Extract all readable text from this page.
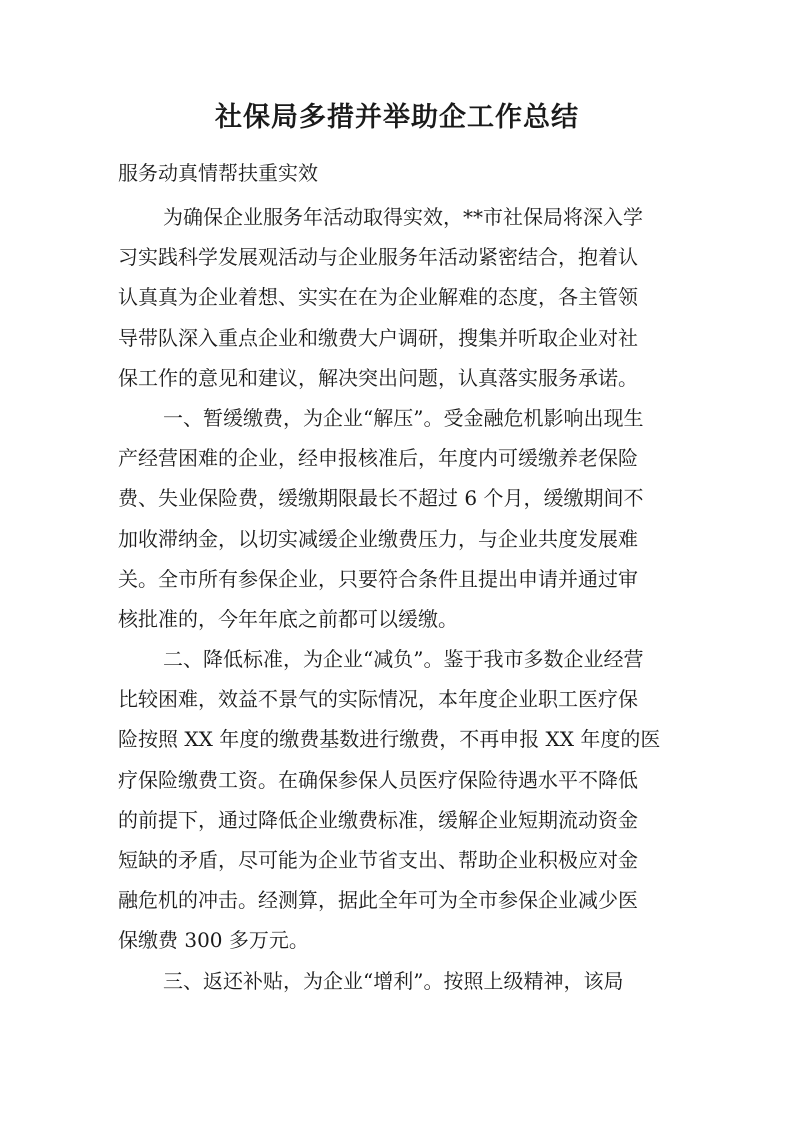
社保局多措并举助企工作总结
服务动真情帮扶重实效
为确保企业服务年活动取得实效，**市社保局将深入学
习实践科学发展观活动与企业服务年活动紧密结合，抱着认
认真真为企业着想、实实在在为企业解难的态度，各主管领
导带队深入重点企业和缴费大户调研，搜集并听取企业对社
保工作的意见和建议，解决突出问题，认真落实服务承诺。
一、暂缓缴费，为企业“解压”。受金融危机影响出现生
产经营困难的企业，经申报核准后，年度内可缓缴养老保险
费、失业保险费，缓缴期限最长不超过 6 个月，缓缴期间不
加收滞纳金，以切实减缓企业缴费压力，与企业共度发展难
关。全市所有参保企业，只要符合条件且提出申请并通过审
核批准的，今年年底之前都可以缓缴。
二、降低标准，为企业“减负”。鉴于我市多数企业经营
比较困难，效益不景气的实际情况，本年度企业职工医疗保
险按照 XX 年度的缴费基数进行缴费，不再申报 XX 年度的医
疗保险缴费工资。在确保参保人员医疗保险待遇水平不降低
的前提下，通过降低企业缴费标准，缓解企业短期流动资金
短缺的矛盾，尽可能为企业节省支出、帮助企业积极应对金
融危机的冲击。经测算，据此全年可为全市参保企业减少医
保缴费 300 多万元。
三、返还补贴，为企业“增利”。按照上级精神，该局
